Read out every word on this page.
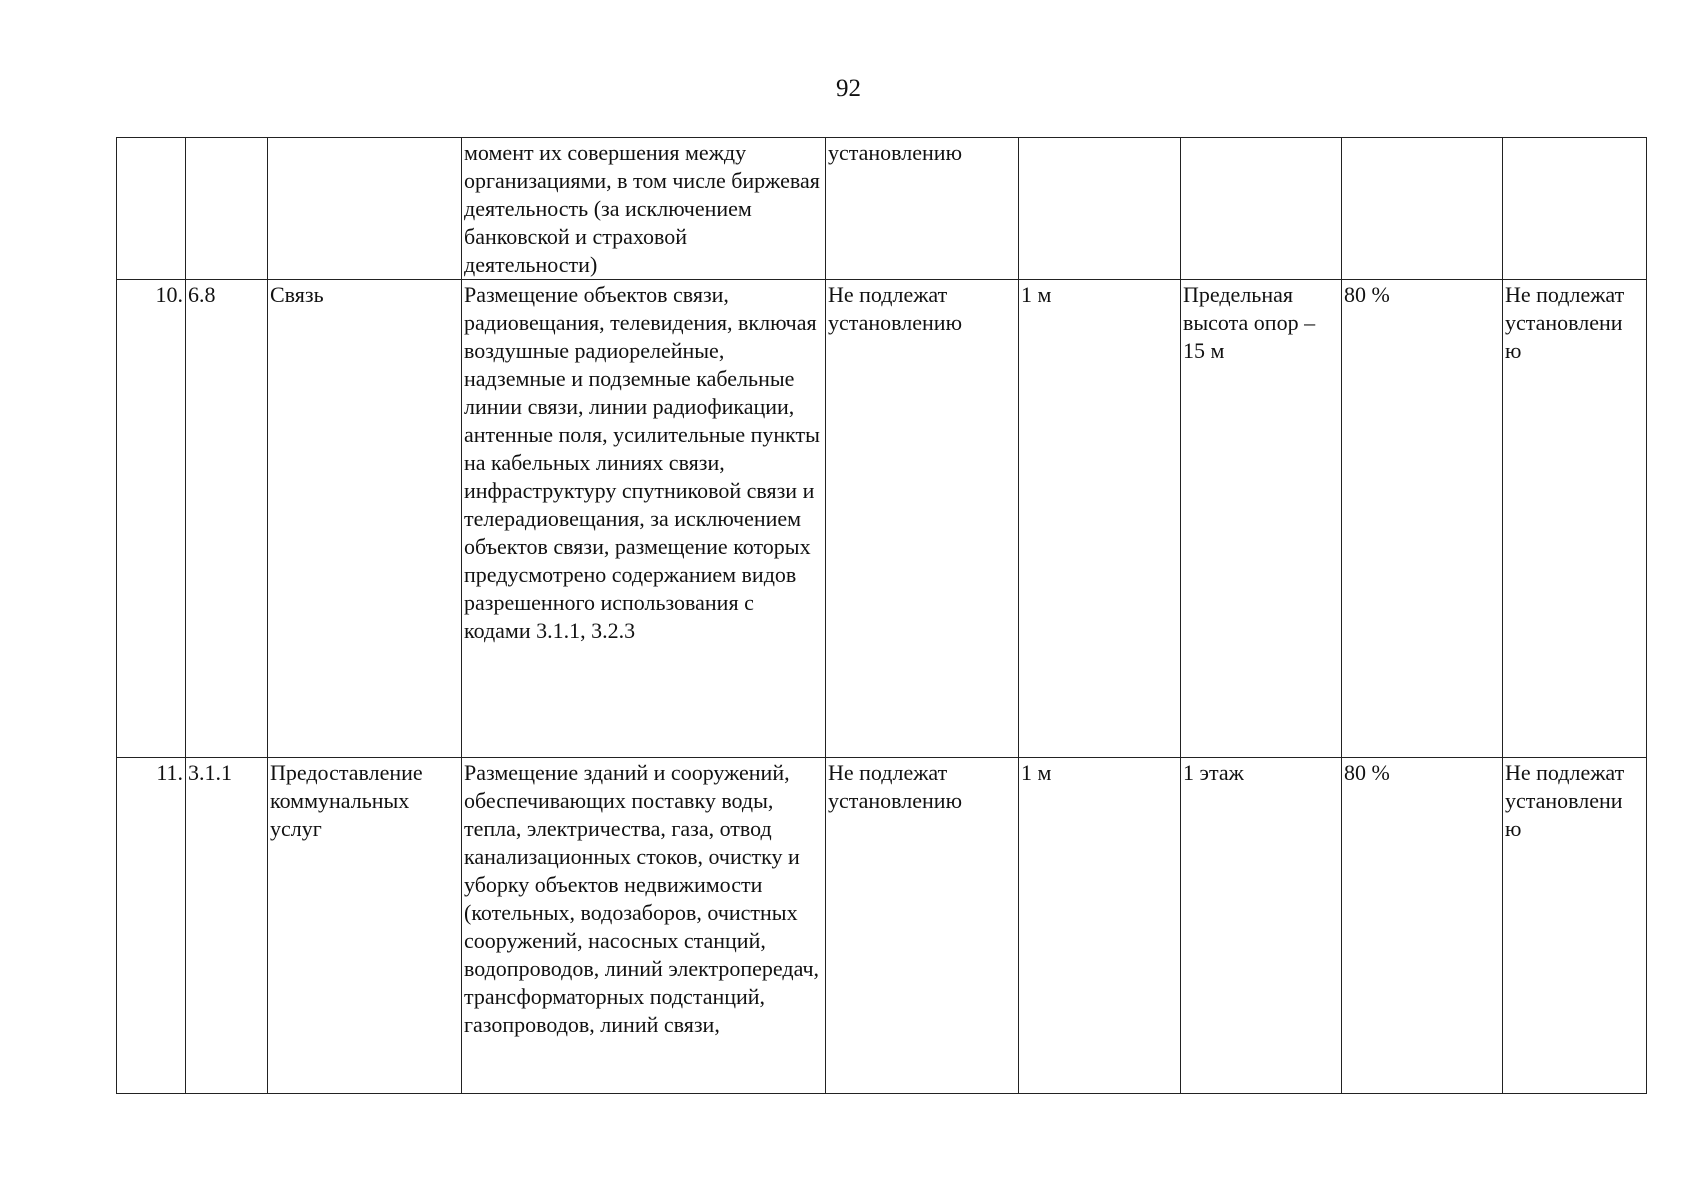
92
			момент их совершения между организациями, в том числе биржевая деятельность (за исключением банковской и страховой деятельности)	установлению				
10.	6.8	Связь	Размещение объектов связи, радиовещания, телевидения, включая воздушные радиорелейные, надземные и подземные кабельные линии связи, линии радиофикации, антенные поля, усилительные пункты на кабельных линиях связи, инфраструктуру спутниковой связи и телерадиовещания, за исключением объектов связи, размещение которых предусмотрено содержанием видов разрешенного использования с кодами 3.1.1, 3.2.3	Не подлежат установлению	1 м	Предельная высота опор – 15 м	80 %	Не подлежат установлени ю
11.	3.1.1	Предоставление коммунальных услуг	Размещение зданий и сооружений, обеспечивающих поставку воды, тепла, электричества, газа, отвод канализационных стоков, очистку и уборку объектов недвижимости (котельных, водозаборов, очистных сооружений, насосных станций, водопроводов, линий электропередач, трансформаторных подстанций, газопроводов, линий связи,	Не подлежат установлению	1 м	1 этаж	80 %	Не подлежат установлени ю
